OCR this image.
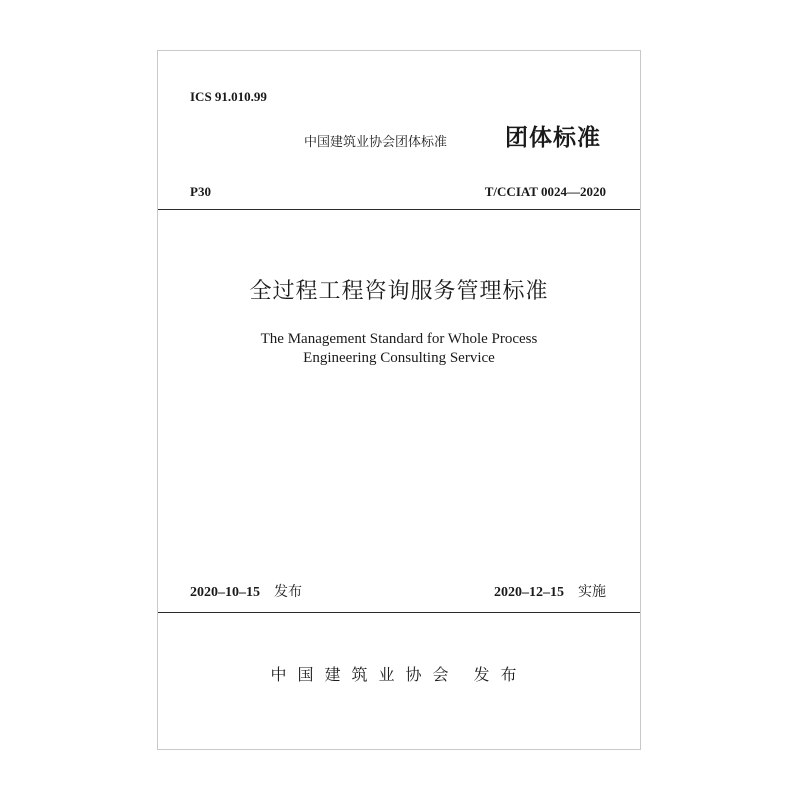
ICS 91.010.99
中国建筑业协会团体标准	团体标准
P30	T/CCIAT 0024—2020
全过程工程咨询服务管理标准
The Management Standard for Whole Process
Engineering Consulting Service
2020–10–15 发布	2020–12–15 实施
中国建筑业协会 发布
